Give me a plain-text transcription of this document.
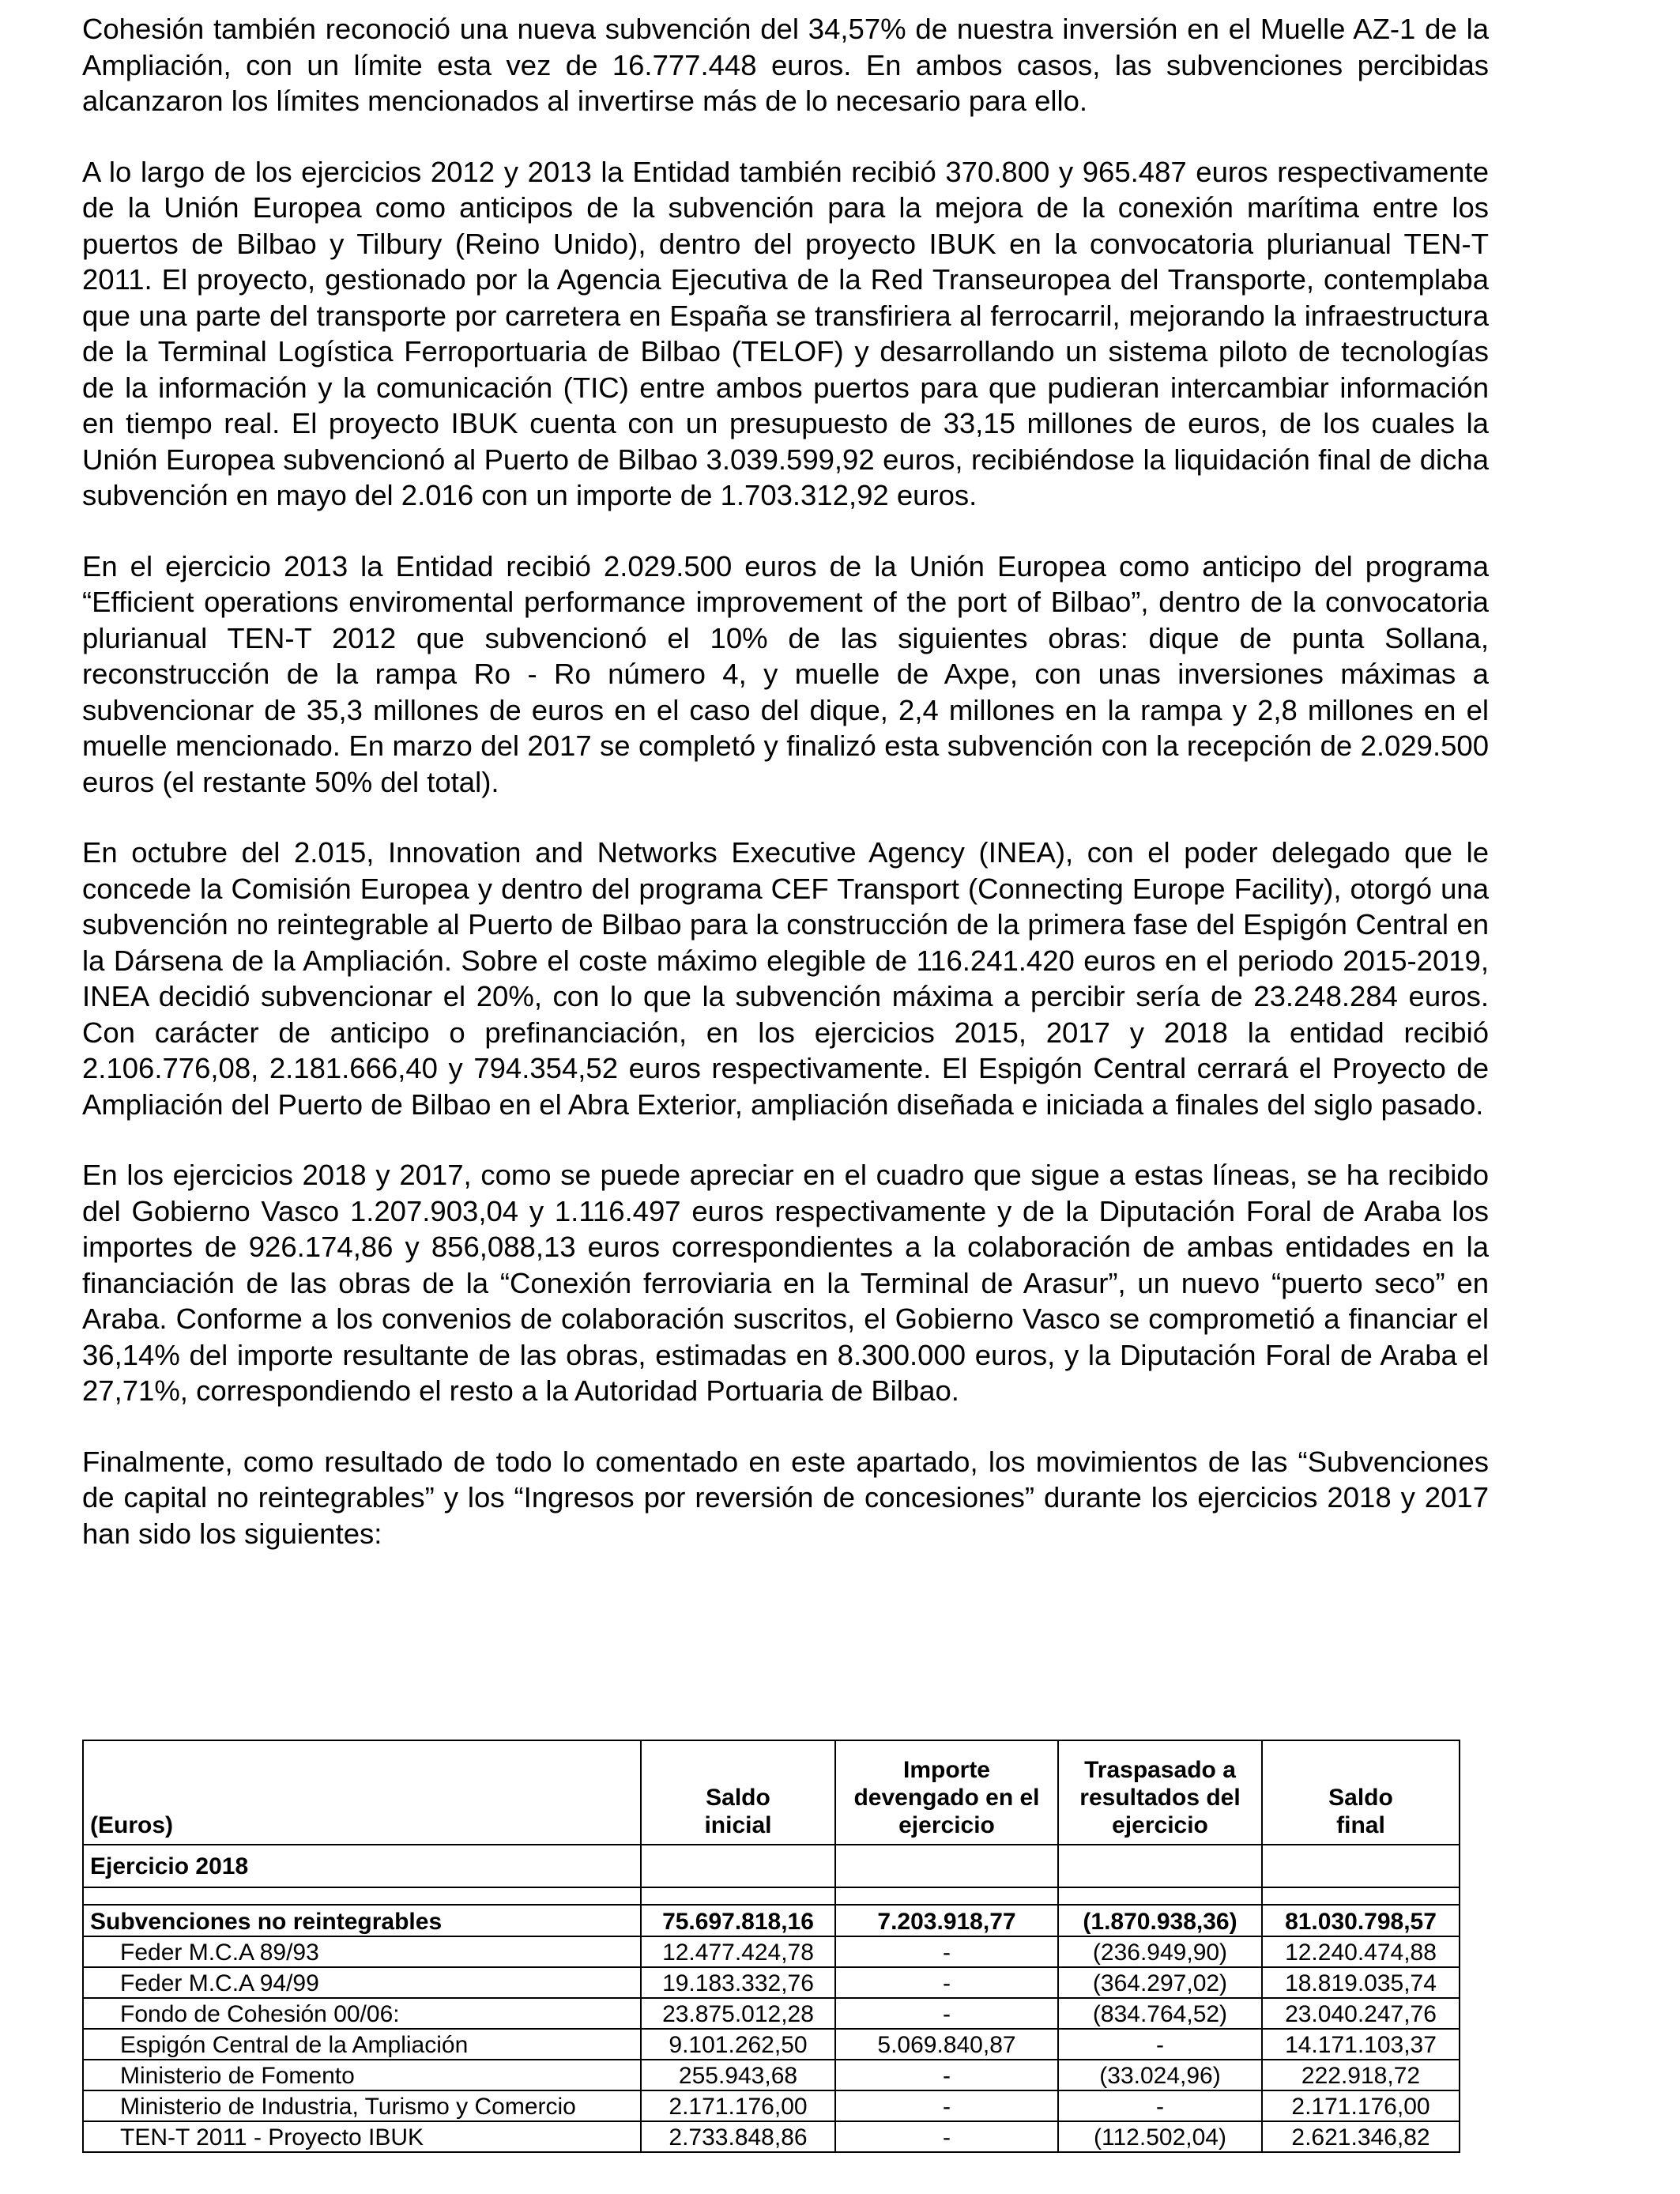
Cohesión también reconoció una nueva subvención del 34,57% de nuestra inversión en el Muelle AZ-1 de la Ampliación, con un límite esta vez de 16.777.448 euros. En ambos casos, las subvenciones percibidas alcanzaron los límites mencionados al invertirse más de lo necesario para ello.

A lo largo de los ejercicios 2012 y 2013 la Entidad también recibió 370.800 y 965.487 euros respectivamente de la Unión Europea como anticipos de la subvención para la mejora de la conexión marítima entre los puertos de Bilbao y Tilbury (Reino Unido), dentro del proyecto IBUK en la convocatoria plurianual TEN-T 2011. El proyecto, gestionado por la Agencia Ejecutiva de la Red Transeuropea del Transporte, contemplaba que una parte del transporte por carretera en España se transfiriera al ferrocarril, mejorando la infraestructura de la Terminal Logística Ferroportuaria de Bilbao (TELOF) y desarrollando un sistema piloto de tecnologías de la información y la comunicación (TIC) entre ambos puertos para que pudieran intercambiar información en tiempo real. El proyecto IBUK cuenta con un presupuesto de 33,15 millones de euros, de los cuales la Unión Europea subvencionó al Puerto de Bilbao 3.039.599,92 euros, recibiéndose la liquidación final de dicha subvención en mayo del 2.016 con un importe de 1.703.312,92 euros.

En el ejercicio 2013 la Entidad recibió 2.029.500 euros de la Unión Europea como anticipo del programa “Efficient operations enviromental performance improvement of the port of Bilbao”, dentro de la convocatoria plurianual TEN-T 2012 que subvencionó el 10% de las siguientes obras: dique de punta Sollana, reconstrucción de la rampa Ro - Ro número 4, y muelle de Axpe, con unas inversiones máximas a subvencionar de 35,3 millones de euros en el caso del dique, 2,4 millones en la rampa y 2,8 millones en el muelle mencionado. En marzo del 2017 se completó y finalizó esta subvención con la recepción de 2.029.500 euros (el restante 50% del total).

En octubre del 2.015, Innovation and Networks Executive Agency (INEA), con el poder delegado que le concede la Comisión Europea y dentro del programa CEF Transport (Connecting Europe Facility), otorgó una subvención no reintegrable al Puerto de Bilbao para la construcción de la primera fase del Espigón Central en la Dársena de la Ampliación. Sobre el coste máximo elegible de 116.241.420 euros en el periodo 2015-2019, INEA decidió subvencionar el 20%, con lo que la subvención máxima a percibir sería de 23.248.284 euros. Con carácter de anticipo o prefinanciación, en los ejercicios 2015, 2017 y 2018 la entidad recibió 2.106.776,08, 2.181.666,40 y 794.354,52 euros respectivamente. El Espigón Central cerrará el Proyecto de Ampliación del Puerto de Bilbao en el Abra Exterior, ampliación diseñada e iniciada a finales del siglo pasado.

En los ejercicios 2018 y 2017, como se puede apreciar en el cuadro que sigue a estas líneas, se ha recibido del Gobierno Vasco 1.207.903,04 y 1.116.497 euros respectivamente y de la Diputación Foral de Araba los importes de 926.174,86 y 856,088,13 euros correspondientes a la colaboración de ambas entidades en la financiación de las obras de la “Conexión ferroviaria en la Terminal de Arasur”, un nuevo “puerto seco” en Araba. Conforme a los convenios de colaboración suscritos, el Gobierno Vasco se comprometió a financiar el 36,14% del importe resultante de las obras, estimadas en 8.300.000 euros, y la Diputación Foral de Araba el 27,71%, correspondiendo el resto a la Autoridad Portuaria de Bilbao.

Finalmente, como resultado de todo lo comentado en este apartado, los movimientos de las “Subvenciones de capital no reintegrables” y los “Ingresos por reversión de concesiones” durante los ejercicios 2018 y 2017 han sido los siguientes:

(Euros)	Saldo inicial	Importe devengado en el ejercicio	Traspasado a resultados del ejercicio	Saldo final
Ejercicio 2018				

Subvenciones no reintegrables	75.697.818,16	7.203.918,77	(1.870.938,36)	81.030.798,57
Feder M.C.A 89/93	12.477.424,78	-	(236.949,90)	12.240.474,88
Feder M.C.A 94/99	19.183.332,76	-	(364.297,02)	18.819.035,74
Fondo de Cohesión 00/06:	23.875.012,28	-	(834.764,52)	23.040.247,76
Espigón Central de la Ampliación	9.101.262,50	5.069.840,87	-	14.171.103,37
Ministerio de Fomento	255.943,68	-	(33.024,96)	222.918,72
Ministerio de Industria, Turismo y Comercio	2.171.176,00	-	-	2.171.176,00
TEN-T 2011 - Proyecto IBUK	2.733.848,86	-	(112.502,04)	2.621.346,82
